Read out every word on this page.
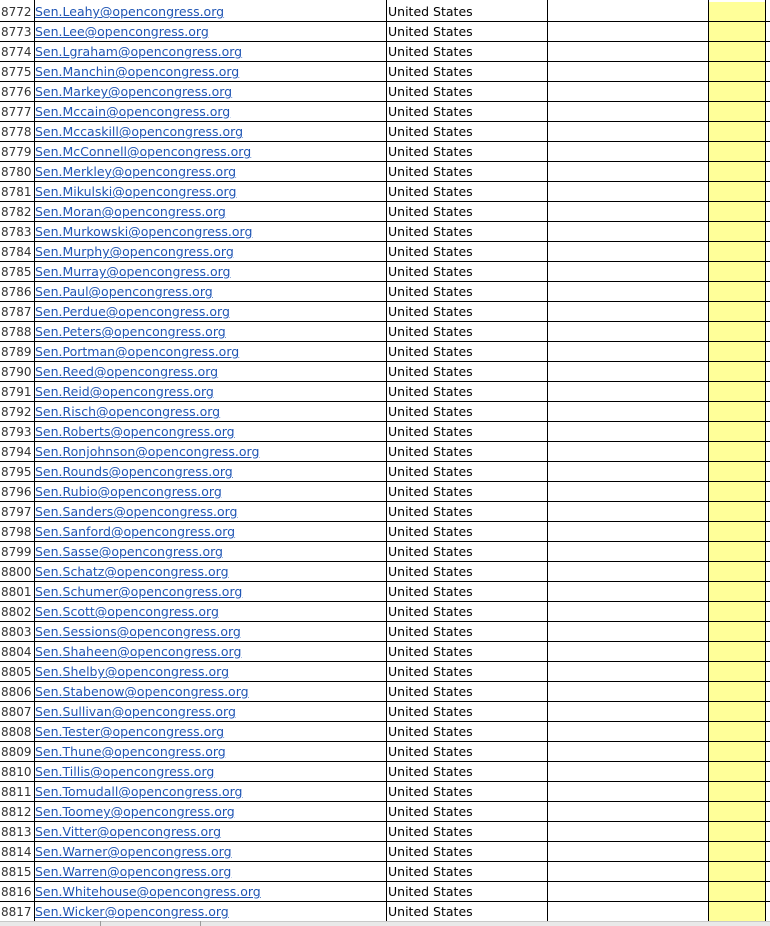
8772 Sen.Leahy@opencongress.org	United States
8773 Sen.Lee@opencongress.org	United States
8774 Sen.Lgraham@opencongress.org	United States
8775 Sen.Manchin@opencongress.org	United States
8776 Sen.Markey@opencongress.org	United States
8777 Sen.Mccain@opencongress.org	United States
8778 Sen.Mccaskill@opencongress.org	United States
8779 Sen.McConnell@opencongress.org	United States
8780 Sen.Merkley@opencongress.org	United States
8781 Sen.Mikulski@opencongress.org	United States
8782 Sen.Moran@opencongress.org	United States
8783 Sen.Murkowski@opencongress.org	United States
8784 Sen.Murphy@opencongress.org	United States
8785 Sen.Murray@opencongress.org	United States
8786 Sen.Paul@opencongress.org	United States
8787 Sen.Perdue@opencongress.org	United States
8788 Sen.Peters@opencongress.org	United States
8789 Sen.Portman@opencongress.org	United States
8790 Sen.Reed@opencongress.org	United States
8791 Sen.Reid@opencongress.org	United States
8792 Sen.Risch@opencongress.org	United States
8793 Sen.Roberts@opencongress.org	United States
8794 Sen.Ronjohnson@opencongress.org	United States
8795 Sen.Rounds@opencongress.org	United States
8796 Sen.Rubio@opencongress.org	United States
8797 Sen.Sanders@opencongress.org	United States
8798 Sen.Sanford@opencongress.org	United States
8799 Sen.Sasse@opencongress.org	United States
8800 Sen.Schatz@opencongress.org	United States
8801 Sen.Schumer@opencongress.org	United States
8802 Sen.Scott@opencongress.org	United States
8803 Sen.Sessions@opencongress.org	United States
8804 Sen.Shaheen@opencongress.org	United States
8805 Sen.Shelby@opencongress.org	United States
8806 Sen.Stabenow@opencongress.org	United States
8807 Sen.Sullivan@opencongress.org	United States
8808 Sen.Tester@opencongress.org	United States
8809 Sen.Thune@opencongress.org	United States
8810 Sen.Tillis@opencongress.org	United States
8811 Sen.Tomudall@opencongress.org	United States
8812 Sen.Toomey@opencongress.org	United States
8813 Sen.Vitter@opencongress.org	United States
8814 Sen.Warner@opencongress.org	United States
8815 Sen.Warren@opencongress.org	United States
8816 Sen.Whitehouse@opencongress.org	United States
8817 Sen.Wicker@opencongress.org	United States
